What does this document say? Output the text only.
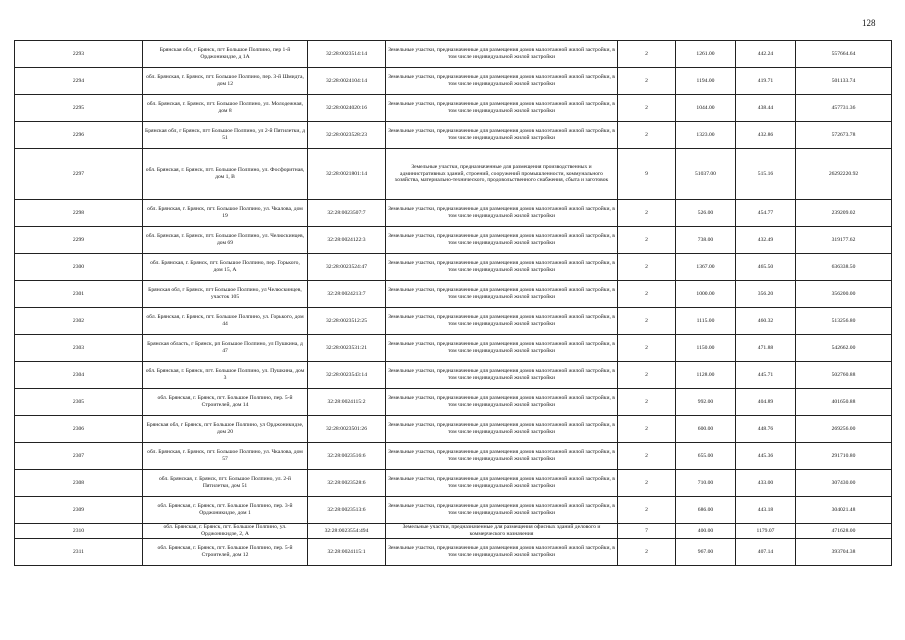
128
2293	Брянская обл, г Брянск, пгт Большое Полпино, пер 1-й Орджоникидзе, д 1А	32:28:0023514:14	Земельные участки, предназначенные для размещения домов малоэтажной жилой застройки, в том числе индивидуальной жилой застройки	2	1261.00	442.24	557664.64
2294	обл. Брянская, г. Брянск, пгт. Большое Полпино, пер. 3-й Шмидта, дом 12	32:28:0024104:14	Земельные участки, предназначенные для размещения домов малоэтажной жилой застройки, в том числе индивидуальной жилой застройки	2	1194.00	419.71	501133.74
2295	обл. Брянская, г. Брянск, пгт. Большое Полпино, ул. Молодежная, дом 8	32:28:0024020:16	Земельные участки, предназначенные для размещения домов малоэтажной жилой застройки, в том числе индивидуальной жилой застройки	2	1044.00	438.44	457731.36
2296	Брянская обл, г Брянск, пгт Большое Полпино, ул 2-й Пятилетки, д 51	32:28:0023528:23	Земельные участки, предназначенные для размещения домов малоэтажной жилой застройки, в том числе индивидуальной жилой застройки	2	1323.00	432.86	572673.78
2297	обл. Брянская, г. Брянск, пгт. Большое Полпино, ул. Фосфоритная, дом 1, В	32:28:0021801:14	Земельные участки, предназначенные для размещения производственных и административных зданий, строений, сооружений промышленности, коммунального хозяйства, материально-технического, продовольственного снабжения, сбыта и заготовок	9	51037.00	515.16	26292220.92
2298	обл. Брянская, г. Брянск, пгт. Большое Полпино, ул. Чкалова, дом 19	32:28:0023507:7	Земельные участки, предназначенные для размещения домов малоэтажной жилой застройки, в том числе индивидуальной жилой застройки	2	526.00	454.77	239209.02
2299	обл. Брянская, г. Брянск, пгт. Большое Полпино, ул. Челюскинцев, дом 69	32:28:0024122:3	Земельные участки, предназначенные для размещения домов малоэтажной жилой застройки, в том числе индивидуальной жилой застройки	2	738.00	432.49	319177.62
2300	обл. Брянская, г. Брянск, пгт. Большое Полпино, пер. Горького, дом 15, А	32:28:0023524:47	Земельные участки, предназначенные для размещения домов малоэтажной жилой застройки, в том числе индивидуальной жилой застройки	2	1367.00	465.50	636338.50
2301	Брянская обл, г Брянск, пгт Большое Полпино, ул Челюскинцев, участок 105	32:28:0024213:7	Земельные участки, предназначенные для размещения домов малоэтажной жилой застройки, в том числе индивидуальной жилой застройки	2	1000.00	356.20	356200.00
2302	обл. Брянская, г. Брянск, пгт. Большое Полпино, ул. Горького, дом 44	32:28:0023512:25	Земельные участки, предназначенные для размещения домов малоэтажной жилой застройки, в том числе индивидуальной жилой застройки	2	1115.00	460.32	513256.80
2303	Брянская область, г Брянск, рп Большое Полпино, ул Пушкина, д 47	32:28:0023531:21	Земельные участки, предназначенные для размещения домов малоэтажной жилой застройки, в том числе индивидуальной жилой застройки	2	1150.00	471.88	542662.00
2304	обл. Брянская, г. Брянск, пгт. Большое Полпино, ул. Пушкина, дом 3	32:28:0023543:14	Земельные участки, предназначенные для размещения домов малоэтажной жилой застройки, в том числе индивидуальной жилой застройки	2	1128.00	445.71	502760.88
2305	обл. Брянская, г. Брянск, пгт. Большое Полпино, пер. 5-й Строителей, дом 14	32:28:0024115:2	Земельные участки, предназначенные для размещения домов малоэтажной жилой застройки, в том числе индивидуальной жилой застройки	2	992.00	404.89	401650.88
2306	Брянская обл, г Брянск, пгт Большое Полпино, ул Орджоникидзе, дом 20	32:28:0023501:26	Земельные участки, предназначенные для размещения домов малоэтажной жилой застройки, в том числе индивидуальной жилой застройки	2	600.00	448.76	269256.00
2307	обл. Брянская, г. Брянск, пгт. Большое Полпино, ул. Чкалова, дом 57	32:28:0023516:6	Земельные участки, предназначенные для размещения домов малоэтажной жилой застройки, в том числе индивидуальной жилой застройки	2	655.00	445.36	291710.80
2308	обл. Брянская, г. Брянск, пгт. Большое Полпино, ул. 2-й Пятилетки, дом 51	32:28:0023528:6	Земельные участки, предназначенные для размещения домов малоэтажной жилой застройки, в том числе индивидуальной жилой застройки	2	710.00	433.00	307430.00
2309	обл. Брянская, г. Брянск, пгт. Большое Полпино, пер. 3-й Орджоникидзе, дом 1	32:28:0023513:6	Земельные участки, предназначенные для размещения домов малоэтажной жилой застройки, в том числе индивидуальной жилой застройки	2	686.00	443.18	304021.48
2310	обл. Брянская, г. Брянск, пгт. Большое Полпино, ул. Орджоникидзе, 2, А	32:28:0023554:494	Земельные участки, предназначенные для размещения офисных зданий делового и коммерческого назначения	7	400.00	1179.07	471628.00
2311	обл. Брянская, г. Брянск, пгт. Большое Полпино, пер. 5-й Строителей, дом 12	32:28:0024115:1	Земельные участки, предназначенные для размещения домов малоэтажной жилой застройки, в том числе индивидуальной жилой застройки	2	967.00	407.14	393704.38
